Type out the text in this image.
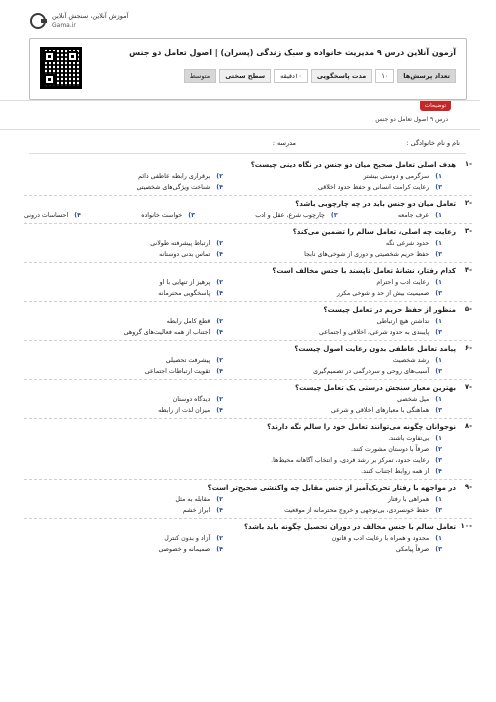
آموزش آنلاین، سنجش آنلاین
Gama.ir
آزمون آنلاین درس ۹ مدیریت خانواده و سبک زندگی (پسران) | اصول تعامل دو جنس
تعداد پرسش‌ها
۱۰
مدت پاسخگویی
۱۰دقیقه
سطح سختی
متوسط
توضیحات
درس ۹ اصول تعامل دو جنس
نام و نام خانوادگی :
مدرسه :
-۱
هدف اصلی تعامل صحیح میان دو جنس در نگاه دینی چیست؟
۱)
سرگرمی و دوستی بیشتر
۲)
برقراری رابطه عاطفی دائم
۳)
رعایت کرامت انسانی و حفظ حدود اخلاقی
۴)
شناخت ویژگی‌های شخصیتی
-۲
تعامل میان دو جنس باید در چه چارچوبی باشد؟
۱)
عرف جامعه
۲)
چارچوب شرع، عقل و ادب
۳)
خواست خانواده
۴)
احساسات درونی
-۳
رعایت چه اصلی، تعامل سالم را تضمین می‌کند؟
۱)
حدود شرعی نگه
۲)
ارتباط پیشرفته طولانی
۳)
حفظ حریم شخصیتی و دوری از شوخی‌های نابجا
۴)
تماس بدنی دوستانه
-۴
کدام رفتار، نشانهٔ تعامل ناپسند با جنس مخالف است؟
۱)
رعایت ادب و احترام
۲)
پرهیز از تنهایی با او
۳)
صمیمیت بیش از حد و شوخی مکرر
۴)
پاسخگویی محترمانه
-۵
منظور از حفظ حریم در تعامل چیست؟
۱)
نداشتن هیچ ارتباطی
۲)
قطع کامل رابطه
۳)
پایبندی به حدود شرعی، اخلاقی و اجتماعی
۴)
اجتناب از همه فعالیت‌های گروهی
-۶
پیامد تعامل عاطفی بدون رعایت اصول چیست؟
۱)
رشد شخصیت
۲)
پیشرفت تحصیلی
۳)
آسیب‌های روحی و سردرگمی در تصمیم‌گیری
۴)
تقویت ارتباطات اجتماعی
-۷
بهترین معیار سنجش درستی یک تعامل چیست؟
۱)
میل شخصی
۲)
دیدگاه دوستان
۳)
هماهنگی با معیارهای اخلاقی و شرعی
۴)
میزان لذت از رابطه
-۸
نوجوانان چگونه می‌توانند تعامل خود را سالم نگه دارند؟
۱)
بی‌تفاوت باشند.
۲)
صرفاً با دوستان مشورت کنند.
۳)
رعایت حدود، تمرکز بر رشد فردی، و انتخاب آگاهانه محیط‌ها.
۴)
از همه روابط اجتناب کنند.
-۹
در مواجهه با رفتار تحریک‌آمیز از جنس مقابل چه واکنشی صحیح‌تر است؟
۱)
همراهی با رفتار
۲)
مقابله به مثل
۳)
حفظ خونسردی، بی‌توجهی و خروج محترمانه از موقعیت
۴)
ابراز خشم
-۱۰
تعامل سالم با جنس مخالف در دوران تحصیل چگونه باید باشد؟
۱)
محدود و همراه با رعایت ادب و قانون
۲)
آزاد و بدون کنترل
۳)
صرفاً پیامکی
۴)
صمیمانه و خصوصی
